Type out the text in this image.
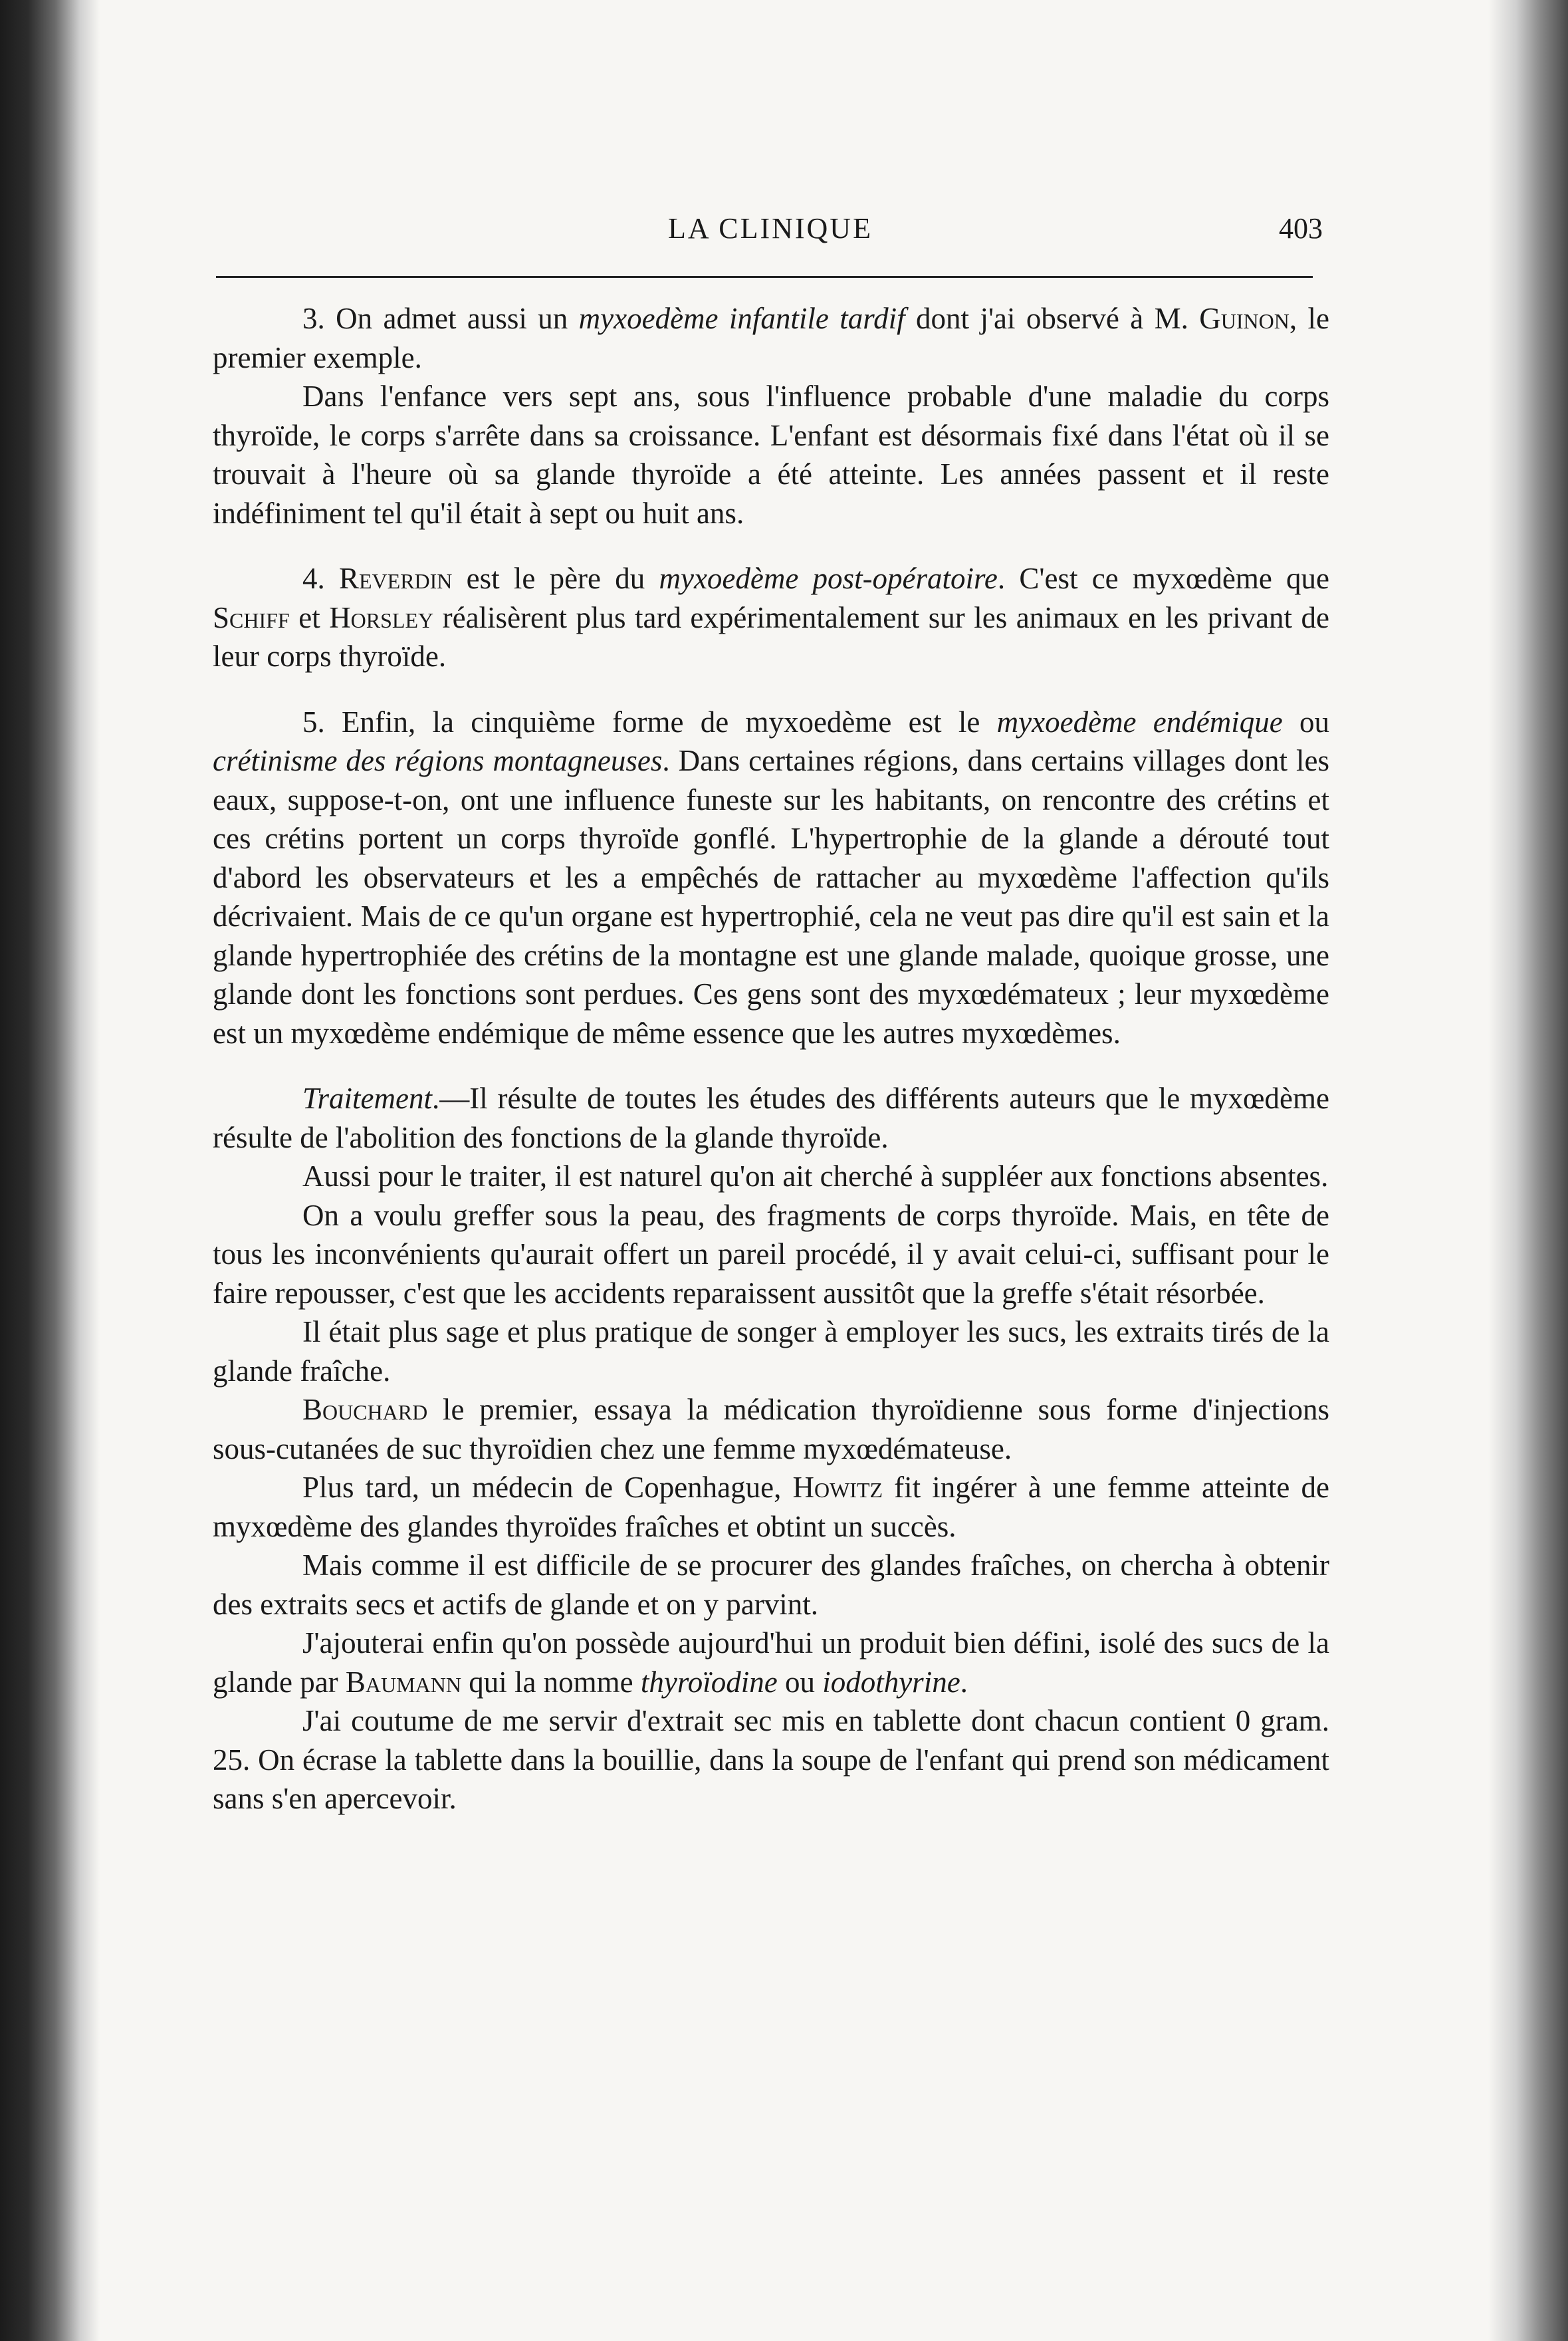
LA CLINIQUE	403

3. On admet aussi un myxoedème infantile tardif dont j'ai observé à M. Guinon, le premier exemple.

Dans l'enfance vers sept ans, sous l'influence probable d'une maladie du corps thyroïde, le corps s'arrête dans sa croissance. L'enfant est désormais fixé dans l'état où il se trouvait à l'heure où sa glande thyroïde a été atteinte. Les années passent et il reste indéfiniment tel qu'il était à sept ou huit ans.

4. Reverdin est le père du myxoedème post-opératoire. C'est ce myxœdème que Schiff et Horsley réalisèrent plus tard expérimentalement sur les animaux en les privant de leur corps thyroïde.

5. Enfin, la cinquième forme de myxoedème est le myxoedème endémique ou crétinisme des régions montagneuses. Dans certaines régions, dans certains villages dont les eaux, suppose-t-on, ont une influence funeste sur les habitants, on rencontre des crétins et ces crétins portent un corps thyroïde gonflé. L'hypertrophie de la glande a dérouté tout d'abord les observateurs et les a empêchés de rattacher au myxœdème l'affection qu'ils décrivaient. Mais de ce qu'un organe est hypertrophié, cela ne veut pas dire qu'il est sain et la glande hypertrophiée des crétins de la montagne est une glande malade, quoique grosse, une glande dont les fonctions sont perdues. Ces gens sont des myxœdémateux ; leur myxœdème est un myxœdème endémique de même essence que les autres myxœdèmes.

Traitement.—Il résulte de toutes les études des différents auteurs que le myxœdème résulte de l'abolition des fonctions de la glande thyroïde.

Aussi pour le traiter, il est naturel qu'on ait cherché à suppléer aux fonctions absentes.

On a voulu greffer sous la peau, des fragments de corps thyroïde. Mais, en tête de tous les inconvénients qu'aurait offert un pareil procédé, il y avait celui-ci, suffisant pour le faire repousser, c'est que les accidents reparaissent aussitôt que la greffe s'était résorbée.

Il était plus sage et plus pratique de songer à employer les sucs, les extraits tirés de la glande fraîche.

Bouchard le premier, essaya la médication thyroïdienne sous forme d'injections sous-cutanées de suc thyroïdien chez une femme myxœdémateuse.

Plus tard, un médecin de Copenhague, Howitz fit ingérer à une femme atteinte de myxœdème des glandes thyroïdes fraîches et obtint un succès.

Mais comme il est difficile de se procurer des glandes fraîches, on chercha à obtenir des extraits secs et actifs de glande et on y parvint.

J'ajouterai enfin qu'on possède aujourd'hui un produit bien défini, isolé des sucs de la glande par Baumann qui la nomme thyroïodine ou iodothyrine.

J'ai coutume de me servir d'extrait sec mis en tablette dont chacun contient 0 gram. 25. On écrase la tablette dans la bouillie, dans la soupe de l'enfant qui prend son médicament sans s'en apercevoir.
